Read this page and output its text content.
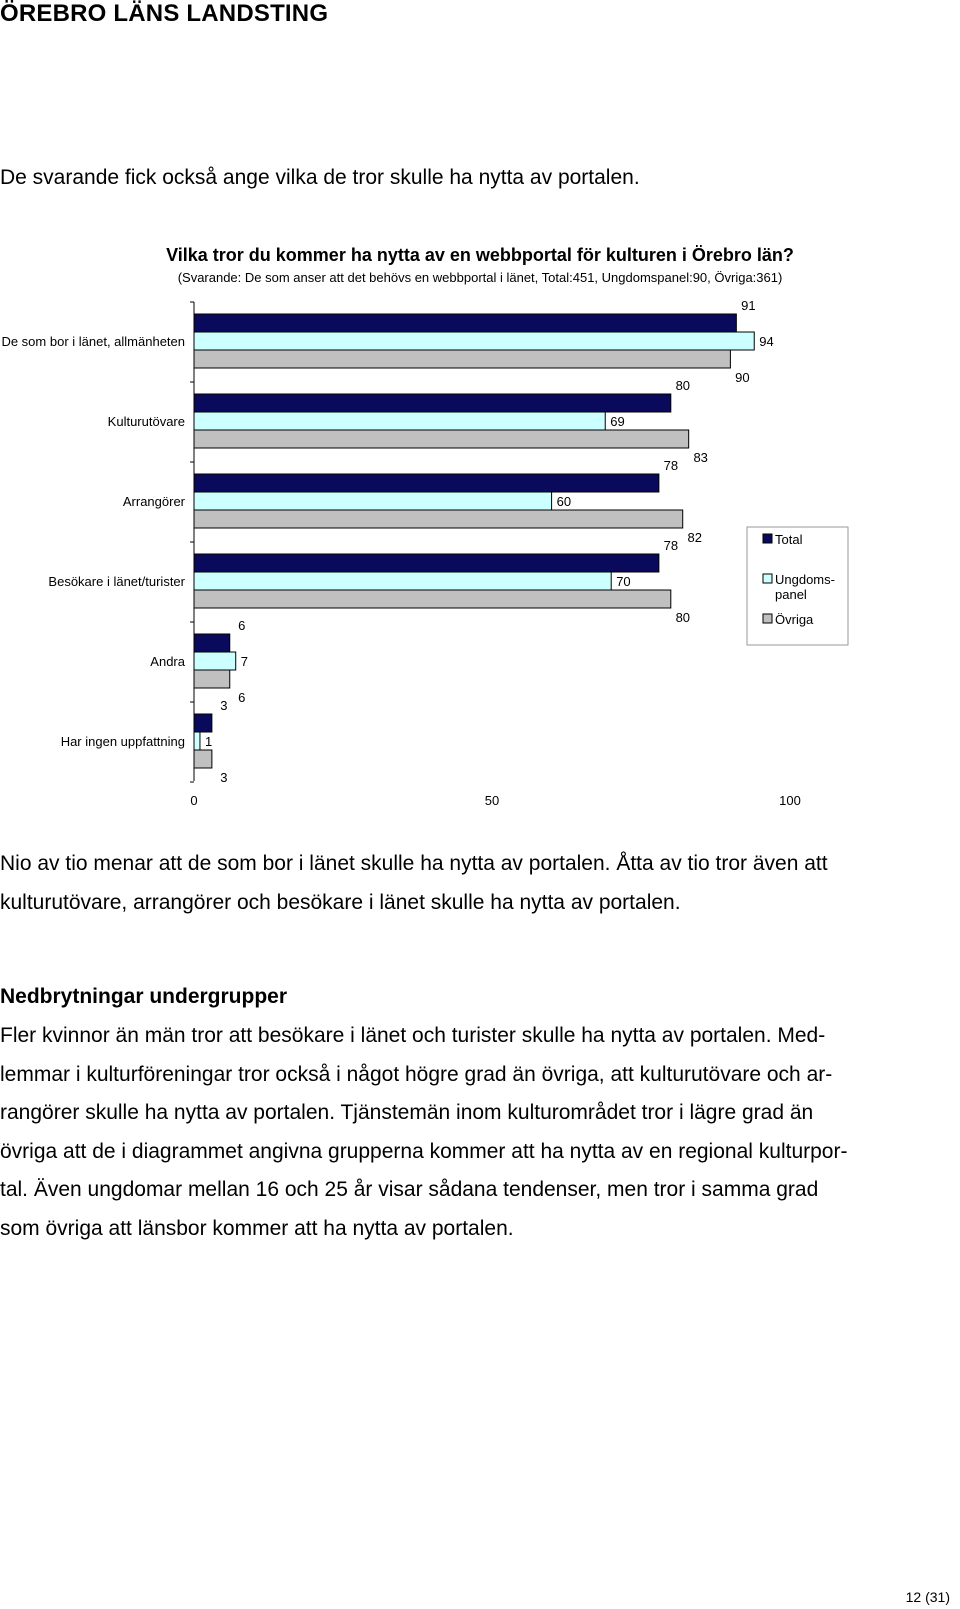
ÖREBRO LÄNS LANDSTING
De svarande fick också ange vilka de tror skulle ha nytta av portalen.
Vilka tror du kommer ha nytta av en webbportal för kulturen i Örebro län?
(Svarande: De som anser att det behövs en webbportal i länet, Total:451, Ungdomspanel:90, Övriga:361)
De som bor i länet, allmänheten
91
94
90
Kulturutövare
80
69
83
Arrangörer
78
60
82
Besökare i länet/turister
78
70
80
Andra
6
7
6
Har ingen uppfattning
3
1
3
0	50	100
Total
Ungdoms-
panel
Övriga
Nio av tio menar att de som bor i länet skulle ha nytta av portalen. Åtta av tio tror även att
kulturutövare, arrangörer och besökare i länet skulle ha nytta av portalen.
Nedbrytningar undergrupper
Fler kvinnor än män tror att besökare i länet och turister skulle ha nytta av portalen. Med-
lemmar i kulturföreningar tror också i något högre grad än övriga, att kulturutövare och ar-
rangörer skulle ha nytta av portalen. Tjänstemän inom kulturområdet tror i lägre grad än
övriga att de i diagrammet angivna grupperna kommer att ha nytta av en regional kulturpor-
tal. Även ungdomar mellan 16 och 25 år visar sådana tendenser, men tror i samma grad
som övriga att länsbor kommer att ha nytta av portalen.
12 (31)
